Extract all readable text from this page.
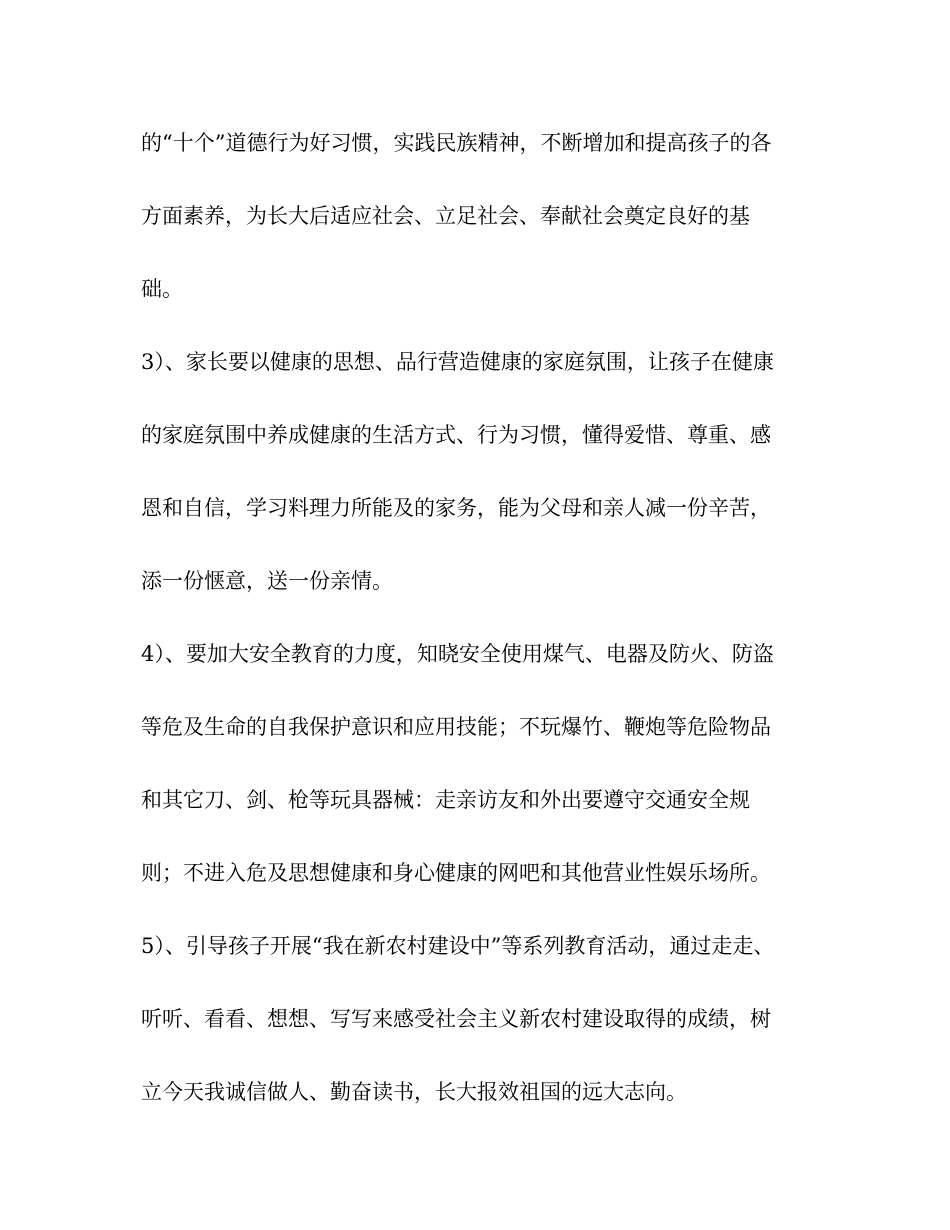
的“十个”道德行为好习惯，实践民族精神，不断增加和提高孩子的各
方面素养，为长大后适应社会、立足社会、奉献社会奠定良好的基
础。
3）、家长要以健康的思想、品行营造健康的家庭氛围，让孩子在健康
的家庭氛围中养成健康的生活方式、行为习惯，懂得爱惜、尊重、感
恩和自信，学习料理力所能及的家务，能为父母和亲人减一份辛苦，
添一份惬意，送一份亲情。
4）、要加大安全教育的力度，知晓安全使用煤气、电器及防火、防盗
等危及生命的自我保护意识和应用技能；不玩爆竹、鞭炮等危险物品
和其它刀、剑、枪等玩具器械：走亲访友和外出要遵守交通安全规
则；不进入危及思想健康和身心健康的网吧和其他营业性娱乐场所。
5）、引导孩子开展“我在新农村建设中”等系列教育活动，通过走走、
听听、看看、想想、写写来感受社会主义新农村建设取得的成绩，树
立今天我诚信做人、勤奋读书，长大报效祖国的远大志向。
